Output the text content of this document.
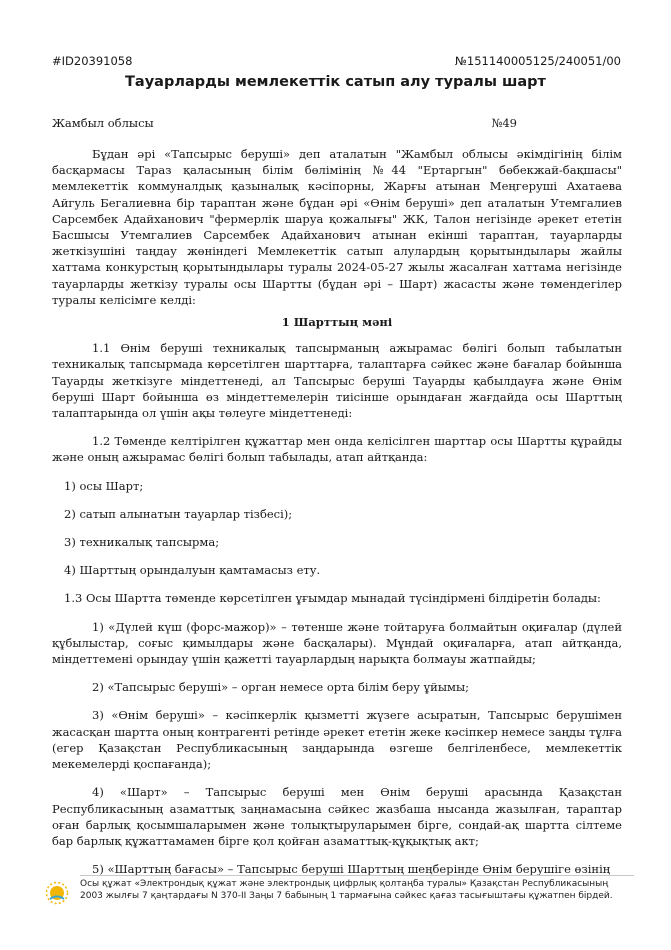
#ID20391058	№151140005125/240051/00
Тауарларды мемлекеттік сатып алу туралы шарт
Жамбыл облысы	№49

Бұдан әрі «Тапсырыс беруші» деп аталатын "Жамбыл облысы әкімдігінің білім басқармасы Тараз қаласының білім бөлімінің №44 "Ертаргын" бөбекжай-бақшасы" мемлекеттік коммуналдық қазыналық кәсіпорны, Жарғы атынан Меңгеруші Ахатаева Айгуль Бегалиевна бір тарaптан және бұдан әрі «Өнім беруші» деп аталатын Утемгалиев Сарсембек Адайханович "фермерлік шаруа қожалығы" ЖК, Талон негізінде әрекет ететін Басшысы Утемгалиев Сарсембек Адайханович атынан екінші тарaптан, тауарларды жеткізушіні таңдау жөніндегі Мемлекеттік сатып алулардың қорытындылары жайлы хаттама конкурстың қорытындылары туралы 2024-05-27 жылы жасалған хаттама негізінде тауарларды жеткізу туралы осы Шартты (бұдан әрі – Шарт) жасасты және төмендегілер туралы келісімге келді:

1 Шарттың мәні

1.1 Өнім беруші техникалық тапсырманың ажырамас бөлігі болып табылатын техникалық тапсырмада көрсетілген шарттарға, талаптарға сәйкес және бағалар бойынша Тауарды жеткізуге міндеттенеді, ал Тапсырыс беруші Тауарды қабылдауға және Өнім беруші Шарт бойынша өз міндеттемелерін тиісінше орындаған жағдайда осы Шарттың талаптарында ол үшін ақы төлеуге міндеттенеді:

1.2 Төменде келтірілген құжаттар мен онда келісілген шарттар осы Шартты құрайды және оның ажырамас бөлігі болып табылады, атап айтқанда:

1) осы Шарт;

2) сатып алынатын тауарлар тізбесі);

3) техникалық тапсырма;

4) Шарттың орындалуын қамтамасыз ету.

1.3 Осы Шартта төменде көрсетілген ұғымдар мынадай түсіндірмені білдіретін болады:

1) «Дүлей күш (форс-мажор)» – төтенше және тойтаруға болмайтын оқиғалар (дүлей құбылыстар, соғыс қимылдары және басқалары). Мұндай оқиғаларға, атап айтқанда, міндеттемені орындау үшін қажетті тауарлардың нарықта болмауы жатпайды;

2) «Тапсырыс беруші» – орган немесе орта білім беру ұйымы;

3) «Өнім беруші» – кәсіпкерлік қызметті жүзеге асыратын, Тапсырыс берушімен жасасқан шартта оның контрагенті ретінде әрекет ететін жеке кәсіпкер немесе заңды тұлға (егер Қазақстан Республикасының заңдарында өзгеше белгіленбесе, мемлекеттік мекемелерді қоспағанда);

4) «Шарт» – Тапсырыс беруші мен Өнім беруші арасында Қазақстан Республикасының азаматтық заңнамасына сәйкес жазбаша нысанда жазылған, тарaптар оған барлық қосымшаларымен және толықтыруларымен бірге, сондай-ақ шартта сілтеме бар барлық құжаттамамен бірге қол қойған азаматтық-құқықтық акт;

5) «Шарттың бағасы» – Тапсырыс беруші Шарттың шеңберінде Өнім берушіге өзінің

Осы құжат «Электрондық құжат және электрондық цифрлық қолтаңба туралы» Қазақстан Республикасының 2003 жылғы 7 қаңтардағы N 370-II Заңы 7 бабының 1 тармағына сәйкес қағаз тасығыштағы құжатпен бірдей.
